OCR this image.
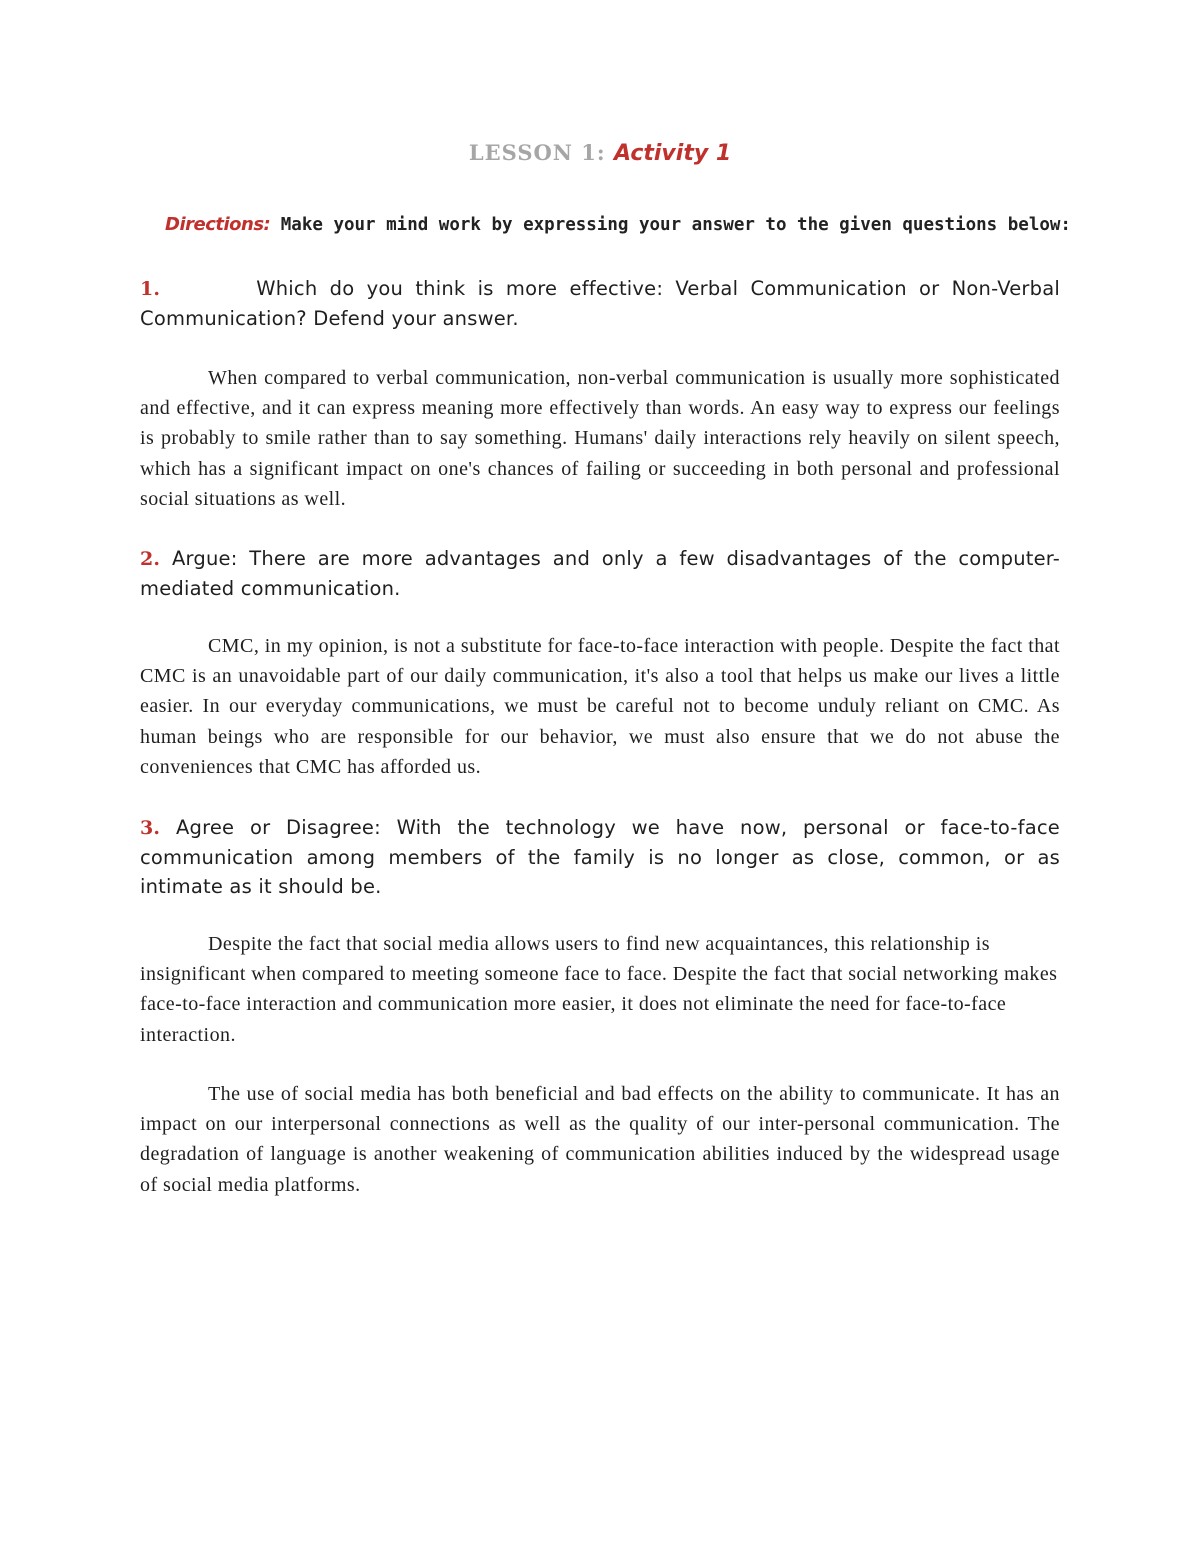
LESSON 1: Activity 1
Directions: Make your mind work by expressing your answer to the given questions below:
1.	Which do you think is more effective: Verbal Communication or Non-Verbal Communication? Defend your answer.

When compared to verbal communication, non-verbal communication is usually more sophisticated and effective, and it can express meaning more effectively than words. An easy way to express our feelings is probably to smile rather than to say something. Humans' daily interactions rely heavily on silent speech, which has a significant impact on one's chances of failing or succeeding in both personal and professional social situations as well.

2. Argue: There are more advantages and only a few disadvantages of the computer-mediated communication.

CMC, in my opinion, is not a substitute for face-to-face interaction with people. Despite the fact that CMC is an unavoidable part of our daily communication, it's also a tool that helps us make our lives a little easier. In our everyday communications, we must be careful not to become unduly reliant on CMC. As human beings who are responsible for our behavior, we must also ensure that we do not abuse the conveniences that CMC has afforded us.

3. Agree or Disagree: With the technology we have now, personal or face-to-face communication among members of the family is no longer as close, common, or as intimate as it should be.

Despite the fact that social media allows users to find new acquaintances, this relationship is insignificant when compared to meeting someone face to face. Despite the fact that social networking makes face-to-face interaction and communication more easier, it does not eliminate the need for face-to-face interaction.

The use of social media has both beneficial and bad effects on the ability to communicate. It has an impact on our interpersonal connections as well as the quality of our inter-personal communication. The degradation of language is another weakening of communication abilities induced by the widespread usage of social media platforms.
